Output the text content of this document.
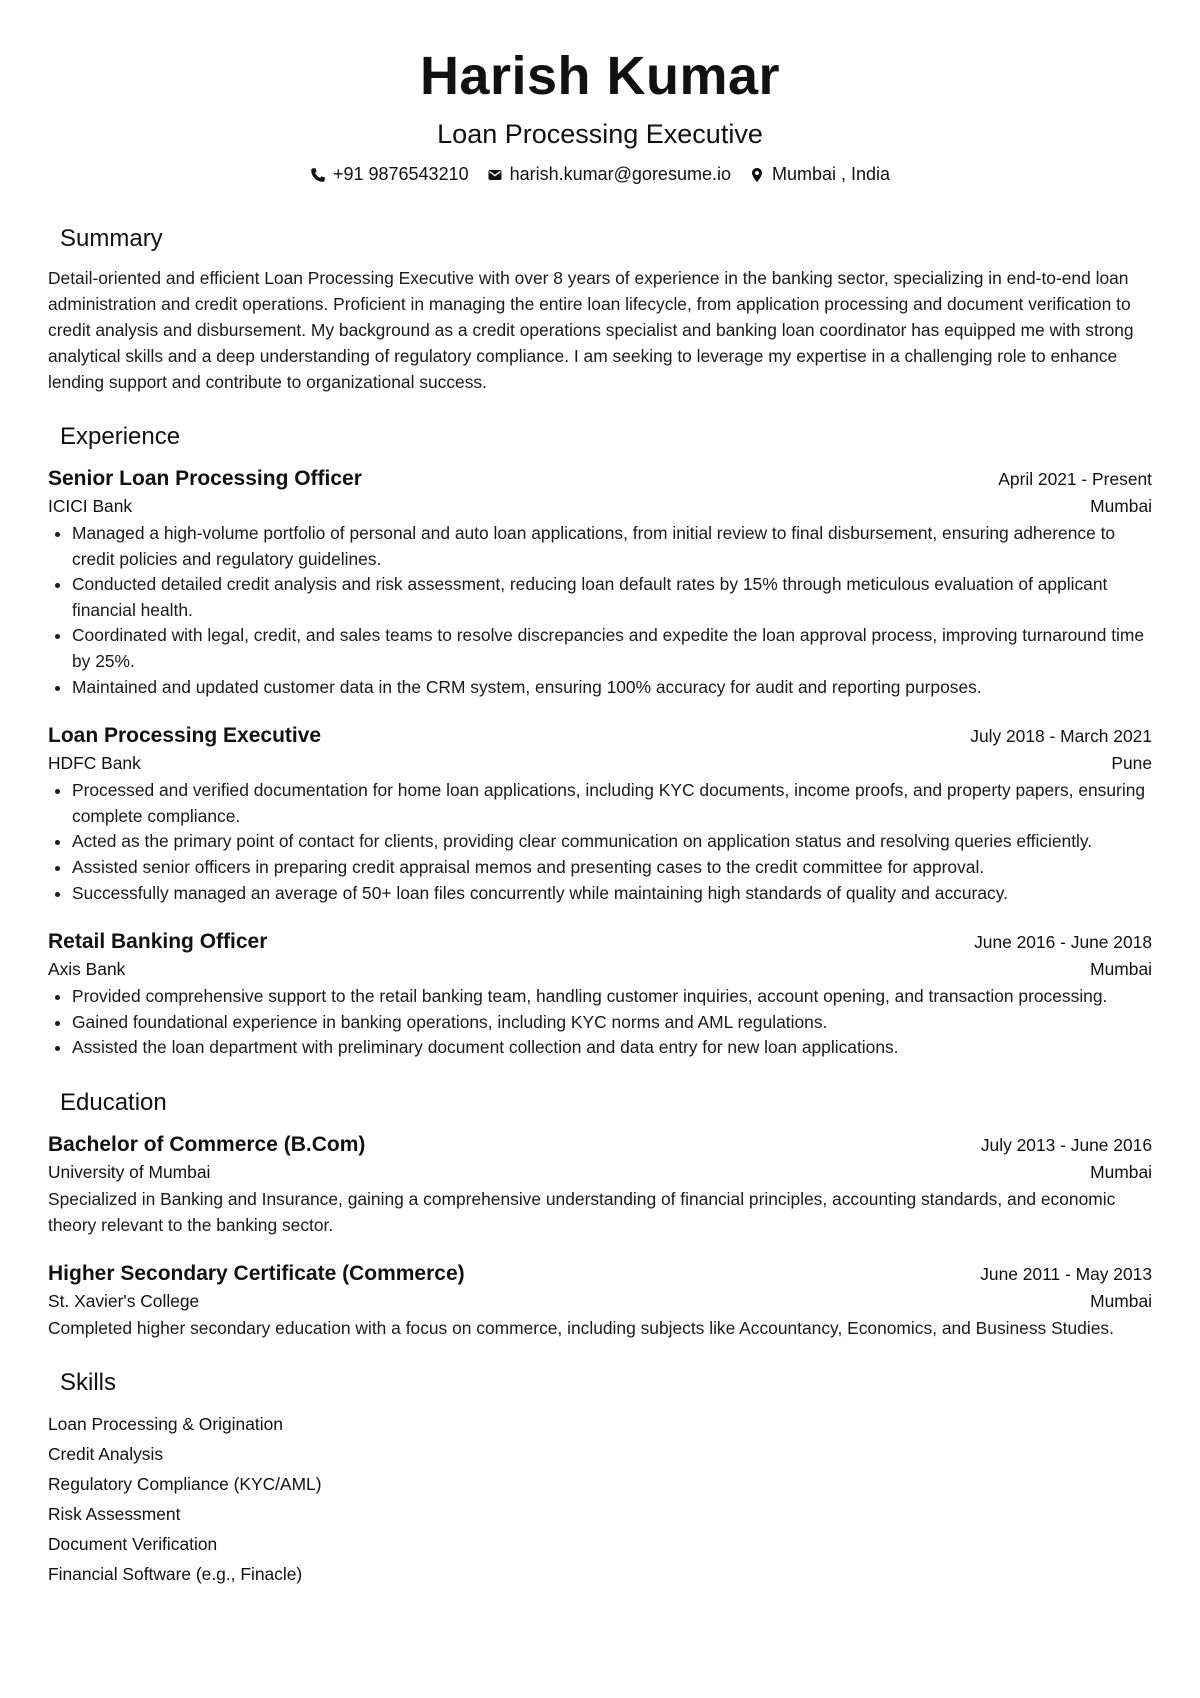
Harish Kumar
Loan Processing Executive
+91 9876543210 harish.kumar@goresume.io Mumbai , India
Summary
Detail-oriented and efficient Loan Processing Executive with over 8 years of experience in the banking sector, specializing in end-to-end loan administration and credit operations. Proficient in managing the entire loan lifecycle, from application processing and document verification to credit analysis and disbursement. My background as a credit operations specialist and banking loan coordinator has equipped me with strong analytical skills and a deep understanding of regulatory compliance. I am seeking to leverage my expertise in a challenging role to enhance lending support and contribute to organizational success.
Experience
Senior Loan Processing Officer	April 2021 - Present
ICICI Bank	Mumbai
• Managed a high-volume portfolio of personal and auto loan applications, from initial review to final disbursement, ensuring adherence to credit policies and regulatory guidelines.
• Conducted detailed credit analysis and risk assessment, reducing loan default rates by 15% through meticulous evaluation of applicant financial health.
• Coordinated with legal, credit, and sales teams to resolve discrepancies and expedite the loan approval process, improving turnaround time by 25%.
• Maintained and updated customer data in the CRM system, ensuring 100% accuracy for audit and reporting purposes.
Loan Processing Executive	July 2018 - March 2021
HDFC Bank	Pune
• Processed and verified documentation for home loan applications, including KYC documents, income proofs, and property papers, ensuring complete compliance.
• Acted as the primary point of contact for clients, providing clear communication on application status and resolving queries efficiently.
• Assisted senior officers in preparing credit appraisal memos and presenting cases to the credit committee for approval.
• Successfully managed an average of 50+ loan files concurrently while maintaining high standards of quality and accuracy.
Retail Banking Officer	June 2016 - June 2018
Axis Bank	Mumbai
• Provided comprehensive support to the retail banking team, handling customer inquiries, account opening, and transaction processing.
• Gained foundational experience in banking operations, including KYC norms and AML regulations.
• Assisted the loan department with preliminary document collection and data entry for new loan applications.
Education
Bachelor of Commerce (B.Com)	July 2013 - June 2016
University of Mumbai	Mumbai
Specialized in Banking and Insurance, gaining a comprehensive understanding of financial principles, accounting standards, and economic theory relevant to the banking sector.
Higher Secondary Certificate (Commerce)	June 2011 - May 2013
St. Xavier's College	Mumbai
Completed higher secondary education with a focus on commerce, including subjects like Accountancy, Economics, and Business Studies.
Skills
Loan Processing & Origination
Credit Analysis
Regulatory Compliance (KYC/AML)
Risk Assessment
Document Verification
Financial Software (e.g., Finacle)
